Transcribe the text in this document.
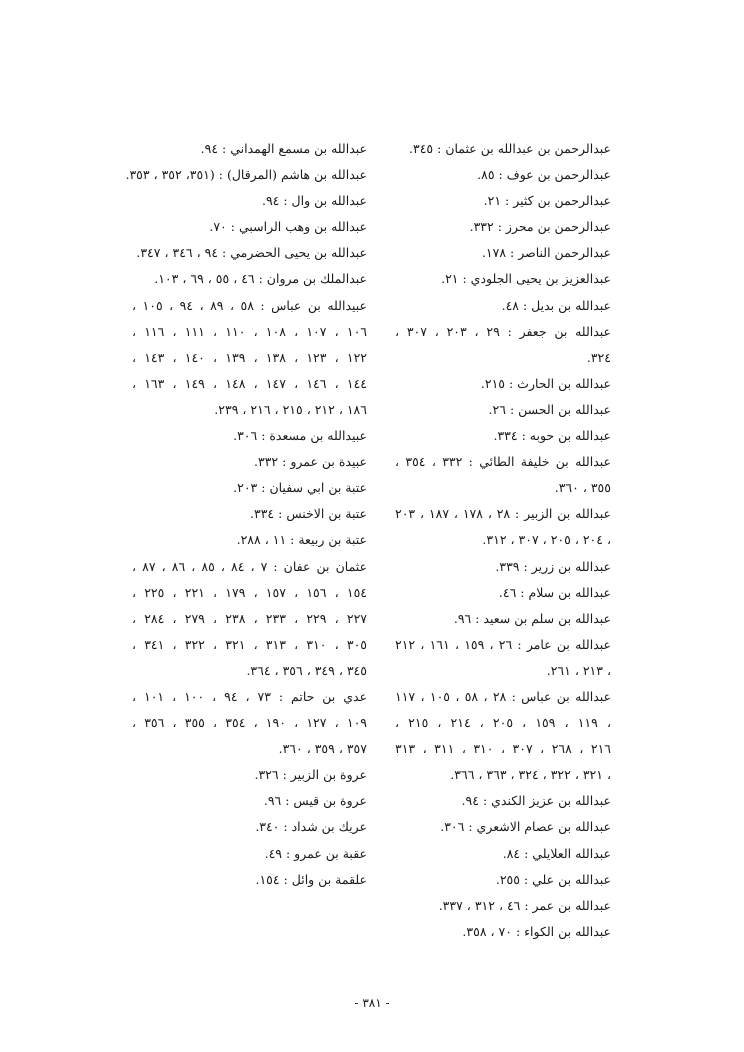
عبدالرحمن بن عبدالله بن عثمان : ٣٤٥.
عبدالرحمن بن عوف : ٨٥.
عبدالرحمن بن كثير : ٢١.
عبدالرحمن بن محرز : ٣٣٢.
عبدالرحمن الناصر : ١٧٨.
عبدالعزيز بن يحيى الجلودي : ٢١.
عبدالله بن بديل : ٤٨.
عبدالله بن جعفر : ٢٩ ، ٢٠٣ ، ٣٠٧ ،
٣٢٤.
عبدالله بن الحارث : ٢١٥.
عبدالله بن الحسن : ٢٦.
عبدالله بن حوبه : ٣٣٤.
عبدالله بن خليفة الطائي : ٣٣٢ ، ٣٥٤ ،
٣٥٥ ، ٣٦٠.
عبدالله بن الزبير : ٢٨ ، ١٧٨ ، ١٨٧ ، ٢٠٣
، ٢٠٤ ، ٢٠٥ ، ٣٠٧ ، ٣١٢.
عبدالله بن زرير : ٣٣٩.
عبدالله بن سلام : ٤٦.
عبدالله بن سلم بن سعيد : ٩٦.
عبدالله بن عامر : ٢٦ ، ١٥٩ ، ١٦١ ، ٢١٢
، ٢١٣ ، ٢٦١.
عبدالله بن عباس : ٢٨ ، ٥٨ ، ١٠٥ ، ١١٧
، ١١٩ ، ١٥٩ ، ٢٠٥ ، ٢١٤ ، ٢١٥ ،
٢١٦ ، ٢٦٨ ، ٣٠٧ ، ٣١٠ ، ٣١١ ، ٣١٣
، ٣٢١ ، ٣٢٢ ، ٣٢٤ ، ٣٦٣ ، ٣٦٦.
عبدالله بن عزيز الكندي : ٩٤.
عبدالله بن عصام الاشعري : ٣٠٦.
عبدالله العلايلي : ٨٤.
عبدالله بن علي : ٢٥٥.
عبدالله بن عمر : ٤٦ ، ٣١٢ ، ٣٣٧.
عبدالله بن الكواء : ٧٠ ، ٣٥٨.
عبدالله بن مسمع الهمداني : ٩٤.
عبدالله بن هاشم (المرقال) : (٣٥١، ٣٥٢ ، ٣٥٣.
عبدالله بن وال : ٩٤.
عبدالله بن وهب الراسبي : ٧٠.
عبدالله بن يحيى الحضرمي : ٩٤ ، ٣٤٦ ، ٣٤٧.
عبدالملك بن مروان : ٤٦ ، ٥٥ ، ٦٩ ، ١٠٣.
عبيدالله بن عباس : ٥٨ ، ٨٩ ، ٩٤ ، ١٠٥ ،
١٠٦ ، ١٠٧ ، ١٠٨ ، ١١٠ ، ١١١ ، ١١٦ ،
١٢٢ ، ١٢٣ ، ١٣٨ ، ١٣٩ ، ١٤٠ ، ١٤٣ ،
١٤٤ ، ١٤٦ ، ١٤٧ ، ١٤٨ ، ١٤٩ ، ١٦٣ ،
١٨٦ ، ٢١٢ ، ٢١٥ ، ٢١٦ ، ٢٣٩.
عبيدالله بن مسعدة : ٣٠٦.
عبيدة بن عمرو : ٣٣٢.
عتبة بن ابي سفيان : ٢٠٣.
عتبة بن الاخنس : ٣٣٤.
عتبة بن ربيعة : ١١ ، ٢٨٨.
عثمان بن عفان : ٧ ، ٨٤ ، ٨٥ ، ٨٦ ، ٨٧ ،
١٥٤ ، ١٥٦ ، ١٥٧ ، ١٧٩ ، ٢٢١ ، ٢٢٥ ،
٢٢٧ ، ٢٢٩ ، ٢٣٣ ، ٢٣٨ ، ٢٧٩ ، ٢٨٤ ،
٣٠٥ ، ٣١٠ ، ٣١٣ ، ٣٢١ ، ٣٢٢ ، ٣٤١ ،
٣٤٥ ، ٣٤٩ ، ٣٥٦ ، ٣٦٤.
عدي بن حاتم : ٧٣ ، ٩٤ ، ١٠٠ ، ١٠١ ،
١٠٩ ، ١٢٧ ، ١٩٠ ، ٣٥٤ ، ٣٥٥ ، ٣٥٦ ،
٣٥٧ ، ٣٥٩ ، ٣٦٠.
عروة بن الزبير : ٣٢٦.
عروة بن قيس : ٩٦.
عريك بن شداد : ٣٤٠.
عقبة بن عمرو : ٤٩.
علقمة بن وائل : ١٥٤.
- ٣٨١ -
